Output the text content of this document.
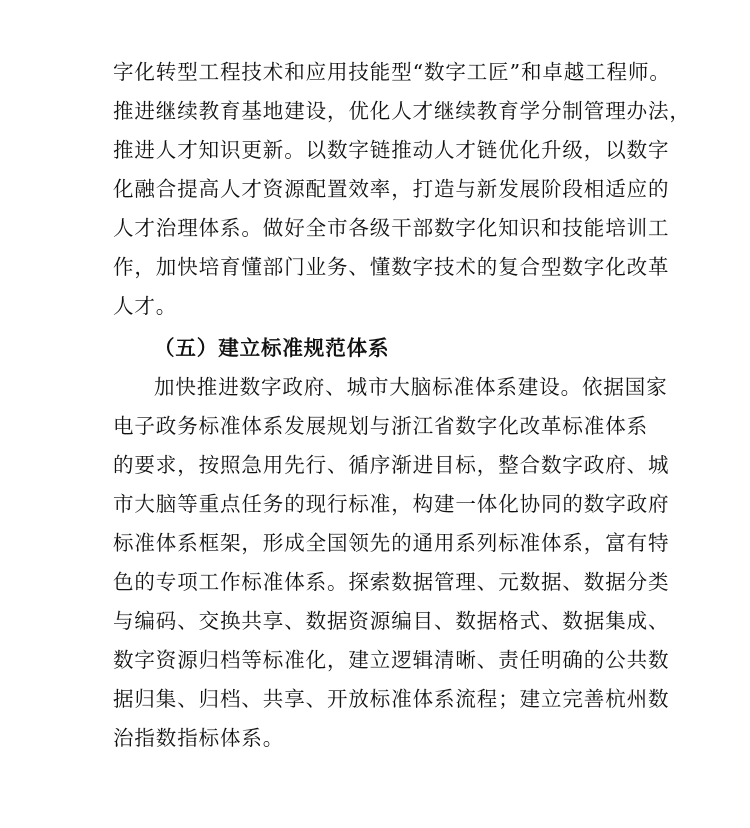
字化转型工程技术和应用技能型“数字工匠”和卓越工程师。
推进继续教育基地建设，优化人才继续教育学分制管理办法，
推进人才知识更新。以数字链推动人才链优化升级，以数字
化融合提高人才资源配置效率，打造与新发展阶段相适应的
人才治理体系。做好全市各级干部数字化知识和技能培训工
作，加快培育懂部门业务、懂数字技术的复合型数字化改革
人才。
（五）建立标准规范体系
加快推进数字政府、城市大脑标准体系建设。依据国家
电子政务标准体系发展规划与浙江省数字化改革标准体系
的要求，按照急用先行、循序渐进目标，整合数字政府、城
市大脑等重点任务的现行标准，构建一体化协同的数字政府
标准体系框架，形成全国领先的通用系列标准体系，富有特
色的专项工作标准体系。探索数据管理、元数据、数据分类
与编码、交换共享、数据资源编目、数据格式、数据集成、
数字资源归档等标准化，建立逻辑清晰、责任明确的公共数
据归集、归档、共享、开放标准体系流程；建立完善杭州数
治指数指标体系。
